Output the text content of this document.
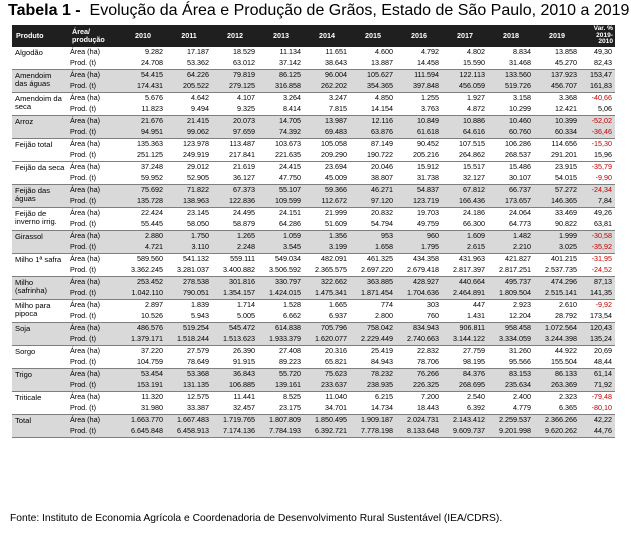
Tabela 1 - Evolução da Área e Produção de Grãos, Estado de São Paulo, 2010 a 2019
Produto	Área/
produção	2010	2011	2012	2013	2014	2015	2016	2017	2018	2019	Var. %
2019-
2010
Algodão	Área (ha)	9.282	17.187	18.529	11.134	11.651	4.600	4.792	4.802	8.834	13.858	49,30
	Prod. (t)	24.708	53.362	63.012	37.142	38.643	13.887	14.458	15.590	31.468	45.270	82,43
Amendoim das águas	Área (ha)	54.415	64.226	79.819	86.125	96.004	105.627	111.594	122.113	133.560	137.923	153,47
	Prod. (t)	174.431	205.522	279.125	316.858	262.202	354.365	397.848	456.059	519.726	456.707	161,83
Amendoim da seca	Área (ha)	5.676	4.642	4.107	3.264	3.247	4.850	1.255	1.927	3.158	3.368	-40,66
	Prod. (t)	11.823	9.494	9.325	8.414	7.815	14.154	3.763	4.872	10.299	12.421	5,06
Arroz	Área (ha)	21.676	21.415	20.073	14.705	13.987	12.116	10.849	10.886	10.460	10.399	-52,02
	Prod. (t)	94.951	99.062	97.659	74.392	69.483	63.876	61.618	64.616	60.760	60.334	-36,46
Feijão total	Área (ha)	135.363	123.978	113.487	103.673	105.058	87.149	90.452	107.515	106.286	114.656	-15,30
	Prod. (t)	251.125	249.919	217.841	221.635	209.290	190.722	205.216	264.862	268.537	291.201	15,96
Feijão da seca	Área (ha)	37.248	29.012	21.619	24.415	23.694	20.046	15.912	15.517	15.486	23.915	-35,79
	Prod. (t)	59.952	52.905	36.127	47.750	45.009	38.807	31.738	32.127	30.107	54.015	-9,90
Feijão das águas	Área (ha)	75.692	71.822	67.373	55.107	59.366	46.271	54.837	67.812	66.737	57.272	-24,34
	Prod. (t)	135.728	138.963	122.836	109.599	112.672	97.120	123.719	166.436	173.657	146.365	7,84
Feijão de inverno irrig.	Área (ha)	22.424	23.145	24.495	24.151	21.999	20.832	19.703	24.186	24.064	33.469	49,26
	Prod. (t)	55.445	58.050	58.879	64.286	51.609	54.794	49.759	66.300	64.773	90.822	63,81
Girassol	Área (ha)	2.880	1.750	1.265	1.059	1.356	953	960	1.609	1.482	1.999	-30,58
	Prod. (t)	4.721	3.110	2.248	3.545	3.199	1.658	1.795	2.615	2.210	3.025	-35,92
Milho 1ª safra	Área (ha)	589.560	541.132	559.111	549.034	482.091	461.325	434.358	431.963	421.827	401.215	-31,95
	Prod. (t)	3.362.245	3.281.037	3.400.882	3.506.592	2.365.575	2.697.220	2.679.418	2.817.397	2.817.251	2.537.735	-24,52
Milho (safrinha)	Área (ha)	253.452	278.538	301.816	330.797	322.662	363.885	428.927	440.664	495.737	474.296	87,13
	Prod. (t)	1.042.110	790.051	1.354.157	1.424.015	1.475.341	1.871.454	1.704.636	2.464.891	1.809.504	2.515.141	141,35
Milho para pipoca	Área (ha)	2.897	1.839	1.714	1.528	1.665	774	303	447	2.923	2.610	-9,92
	Prod. (t)	10.526	5.943	5.005	6.662	6.937	2.800	760	1.431	12.204	28.792	173,54
Soja	Área (ha)	486.576	519.254	545.472	614.838	705.796	758.042	834.943	906.811	958.458	1.072.564	120,43
	Prod. (t)	1.379.171	1.518.244	1.513.623	1.933.379	1.620.077	2.229.449	2.740.663	3.144.122	3.334.059	3.244.398	135,24
Sorgo	Área (ha)	37.220	27.579	26.390	27.408	20.316	25.419	22.832	27.759	31.260	44.922	20,69
	Prod. (t)	104.759	78.649	91.915	89.223	65.821	84.943	78.706	98.195	95.566	155.504	48,44
Trigo	Área (ha)	53.454	53.368	36.843	55.720	75.623	78.232	76.266	84.376	83.153	86.133	61,14
	Prod. (t)	153.191	131.135	106.885	139.161	233.637	238.935	226.325	268.695	235.634	263.369	71,92
Triticale	Área (ha)	11.320	12.575	11.441	8.525	11.040	6.215	7.200	2.540	2.400	2.323	-79,48
	Prod. (t)	31.980	33.387	32.457	23.175	34.701	14.734	18.443	6.392	4.779	6.365	-80,10
Total	Área (ha)	1.663.770	1.667.483	1.719.765	1.807.809	1.850.495	1.909.187	2.024.731	2.143.412	2.259.537	2.366.266	42,22
	Prod. (t)	6.645.848	6.458.913	7.174.136	7.784.193	6.392.721	7.778.198	8.133.648	9.609.737	9.201.998	9.620.262	44,76
Fonte: Instituto de Economia Agrícola e Coordenadoria de Desenvolvimento Rural Sustentável (IEA/CDRS).
